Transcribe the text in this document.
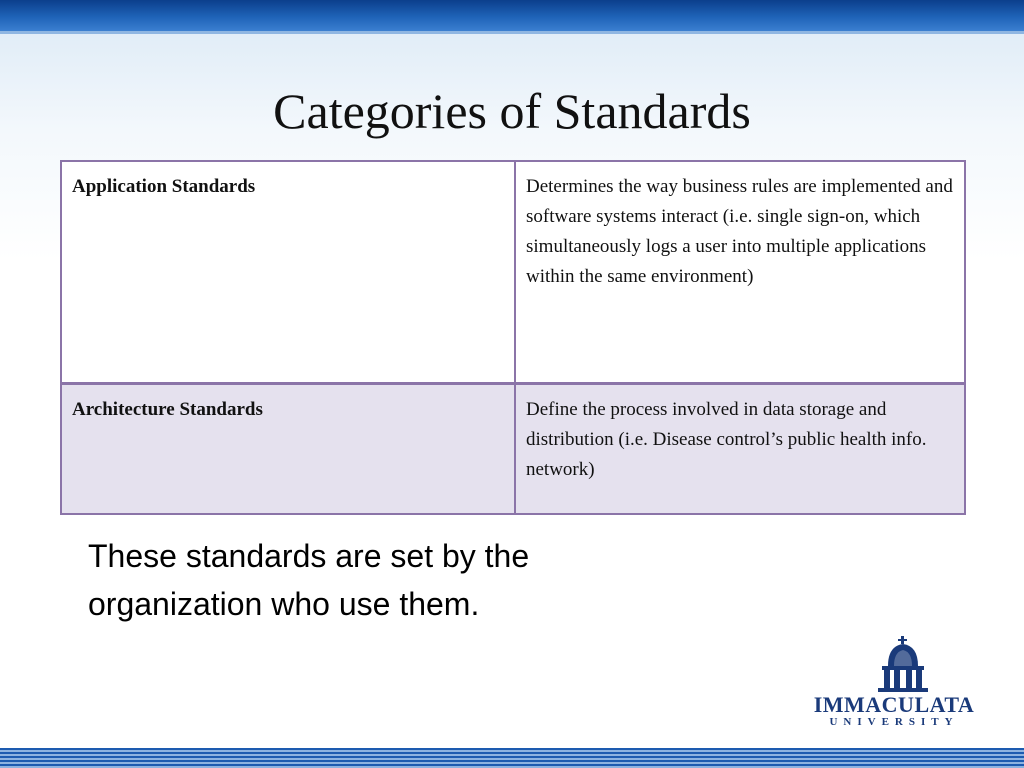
Categories of Standards
Application Standards	Determines the way business rules are implemented and software systems interact (i.e. single sign-on, which simultaneously logs a user into multiple applications within the same environment)
Architecture Standards	Define the process involved in data storage and distribution (i.e. Disease control’s public health info. network)
These standards are set by the organization who use them.
IMMACULATA
UNIVERSITY
